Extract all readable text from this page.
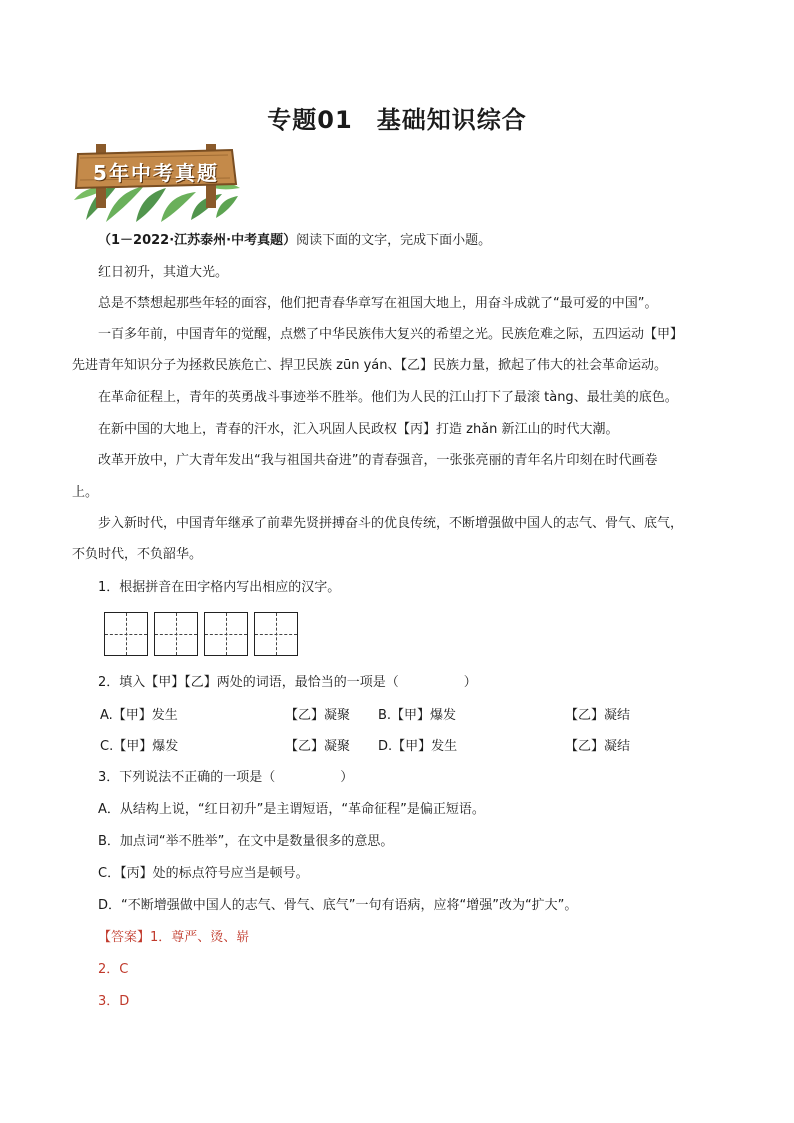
专题01 基础知识综合
5年中考真题
（1－2022·江苏泰州·中考真题）阅读下面的文字，完成下面小题。
红日初升，其道大光。
总是不禁想起那些年轻的面容，他们把青春华章写在祖国大地上，用奋斗成就了“最可爱的中国”。
一百多年前，中国青年的觉醒，点燃了中华民族伟大复兴的希望之光。民族危难之际，五四运动【甲】
先进青年知识分子为拯救民族危亡、捍卫民族 zūn yán、【乙】民族力量，掀起了伟大的社会革命运动。
在革命征程上，青年的英勇战斗事迹举不胜举。他们为人民的江山打下了最滚 tàng、最壮美的底色。
在新中国的大地上，青春的汗水，汇入巩固人民政权【丙】打造 zhǎn 新江山的时代大潮。
改革开放中，广大青年发出“我与祖国共奋进”的青春强音，一张张亮丽的青年名片印刻在时代画卷
上。
步入新时代，中国青年继承了前辈先贤拼搏奋斗的优良传统，不断增强做中国人的志气、骨气、底气，
不负时代，不负韶华。
1．根据拼音在田字格内写出相应的汉字。
2．填入【甲】【乙】两处的词语，最恰当的一项是（　　　　　）
A.【甲】发生	【乙】凝聚 B.【甲】爆发	【乙】凝结
C.【甲】爆发	【乙】凝聚 D.【甲】发生	【乙】凝结
3．下列说法不正确的一项是（　　　　　）
A．从结构上说，“红日初升”是主谓短语，“革命征程”是偏正短语。
B．加点词“举不胜举”，在文中是数量很多的意思。
C．【丙】处的标点符号应当是顿号。
D．“不断增强做中国人的志气、骨气、底气”一句有语病，应将“增强”改为“扩大”。
【答案】1．尊严、烫、崭
2．C
3．D
